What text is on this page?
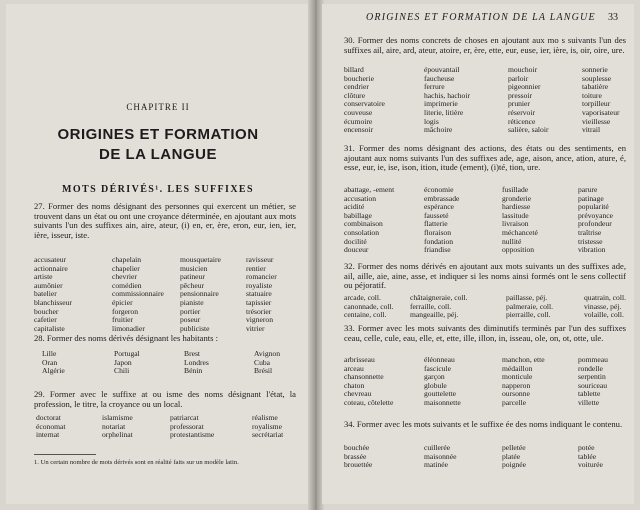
CHAPITRE II
ORIGINES ET FORMATION
DE LA LANGUE
MOTS DÉRIVÉS¹. LES SUFFIXES
27. Former des noms désignant des personnes qui exercent un métier, se trouvent dans un état ou ont une croyance déterminée, en ajoutant aux mots suivants l'un des suffixes ain, aire, ateur, (i) en, er, ère, eron, eur, ien, ier, ière, isseur, iste.
accusateur	chapelain	mousquetaire	ravisseur
actionnaire	chapelier	musicien	rentier
artiste	chevrier	patineur	romancier
aumônier	comédien	pêcheur	royaliste
batelier	commissionnaire	pensionnaire	statuaire
blanchisseur	épicier	pianiste	tapissier
boucher	forgeron	portier	trésorier
cafetier	fruitier	poseur	vigneron
capitaliste	limonadier	publiciste	vitrier
28. Former des noms dérivés désignant les habitants :
Lille	Portugal	Brest	Avignon
Oran	Japon	Londres	Cuba
Algérie	Chili	Bénin	Brésil
29. Former avec le suffixe at ou isme des noms désignant l'état, la profession, le titre, la croyance ou un local.
doctorat	islamisme	patriarcat	réalisme
économat	notariat	professorat	royalisme
internat	orphelinat	protestantisme	secrétariat
1. Un certain nombre de mots dérivés sont en réalité faits sur un modèle latin.
ORIGINES ET FORMATION DE LA LANGUE 33
30. Former des noms concrets de choses en ajoutant aux mo s suivants l'un des suffixes ail, aire, ard, ateur, atoire, er, ère, ette, eur, euse, ier, ière, is, oir, oire, ure.
billard	épouvantail	mouchoir	sonnerie
boucherie	faucheuse	parloir	souplesse
cendrier	ferrure	pigeonnier	tabatière
clôture	hachis, hachoir	pressoir	toiture
conservatoire	imprimerie	prunier	torpilleur
couveuse	literie, litière	réservoir	vaporisateur
écumoire	logis	réticence	vieillesse
encensoir	mâchoire	salière, saloir	vitrail
31. Former des noms désignant des actions, des états ou des sentiments, en ajoutant aux noms suivants l'un des suffixes ade, age, aison, ance, ation, ature, é, esse, eur, ie, ise, ison, ition, itude (ement), (i)té, tion, ure.
abattage, -ement	économie	fusillade	parure
accusation	embrassade	gronderie	patinage
acidité	espérance	hardiesse	popularité
babillage	fausseté	lassitude	prévoyance
combinaison	flatterie	livraison	profondeur
consolation	floraison	méchanceté	traîtrise
docilité	fondation	nullité	tristesse
douceur	friandise	opposition	vibration
32. Former des noms dérivés en ajoutant aux mots suivants un des suffixes ade, ail, aille, aie, aine, asse, et indiquer si les noms ainsi formés ont le sens collectif ou péjoratif.
arcade, coll.	châtaigneraie, coll.	paillasse, péj.	quatrain, coll.
canonnade, coll.	ferraille, coll.	palmeraie, coll.	vinasse, péj.
centaine, coll.	mangeaille, péj.	pierraille, coll.	volaille, coll.
33. Former avec les mots suivants des diminutifs terminés par l'un des suffixes ceau, celle, cule, eau, elle, et, ette, ille, illon, in, isseau, ole, on, ot, otte, ule.
arbrisseau	éléonneau	manchon, ette	pommeau
arceau	fascicule	médaillon	rondelle
chansonnette	garçon	monticule	serpentin
chaton	globule	napperon	souriceau
chevreau	gouttelette	oursonne	tablette
coteau, côtelette	maisonnette	parcelle	villette
34. Former avec les mots suivants et le suffixe ée des noms indiquant le contenu.
bouchée	cuillerée	pelletée	potée
brassée	maisonnée	platée	tablée
brouettée	matinée	poignée	voiturée
